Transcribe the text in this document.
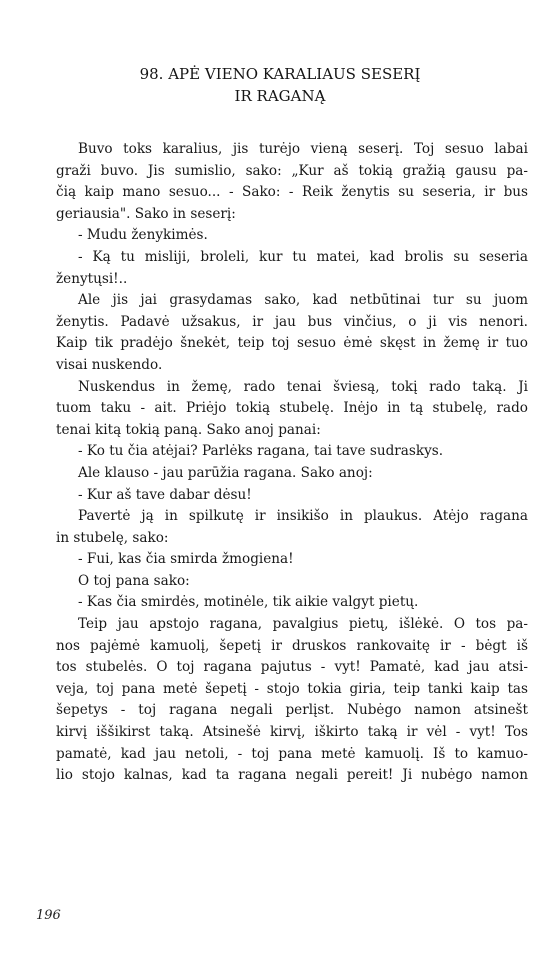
98. APĖ VIENO KARALIAUS SESERĮ
IR RAGANĄ
Buvo toks karalius, jis turėjo vieną seserį. Toj sesuo labai
graži buvo. Jis sumislio, sako: „Kur aš tokią gražią gausu pa-
čią kaip mano sesuo... - Sako: - Reik ženytis su seseria, ir bus
geriausia". Sako in seserį:
- Mudu ženykimės.
- Ką tu misliji, broleli, kur tu matei, kad brolis su seseria
ženytųsi!..
Ale jis jai grasydamas sako, kad netbūtinai tur su juom
ženytis. Padavė užsakus, ir jau bus vinčius, o ji vis nenori.
Kaip tik pradėjo šnekėt, teip toj sesuo ėmė skęst in žemę ir tuo
visai nuskendo.
Nuskendus in žemę, rado tenai šviesą, tokį rado taką. Ji
tuom taku - ait. Priėjo tokią stubelę. Inėjo in tą stubelę, rado
tenai kitą tokią paną. Sako anoj panai:
- Ko tu čia atėjai? Parlėks ragana, tai tave sudraskys.
Ale klauso - jau parūžia ragana. Sako anoj:
- Kur aš tave dabar dėsu!
Pavertė ją in spilkutę ir insikišo in plaukus. Atėjo ragana
in stubelę, sako:
- Fui, kas čia smirda žmogiena!
O toj pana sako:
- Kas čia smirdės, motinėle, tik aikie valgyt pietų.
Teip jau apstojo ragana, pavalgius pietų, išlėkė. O tos pa-
nos pajėmė kamuolį, šepetį ir druskos rankovaitę ir - bėgt iš
tos stubelės. O toj ragana pajutus - vyt! Pamatė, kad jau atsi-
veja, toj pana metė šepetį - stojo tokia giria, teip tanki kaip tas
šepetys - toj ragana negali perlįst. Nubėgo namon atsinešt
kirvį iššikirst taką. Atsinešė kirvį, iškirto taką ir vėl - vyt! Tos
pamatė, kad jau netoli, - toj pana metė kamuolį. Iš to kamuo-
lio stojo kalnas, kad ta ragana negali pereit! Ji nubėgo namon
196
